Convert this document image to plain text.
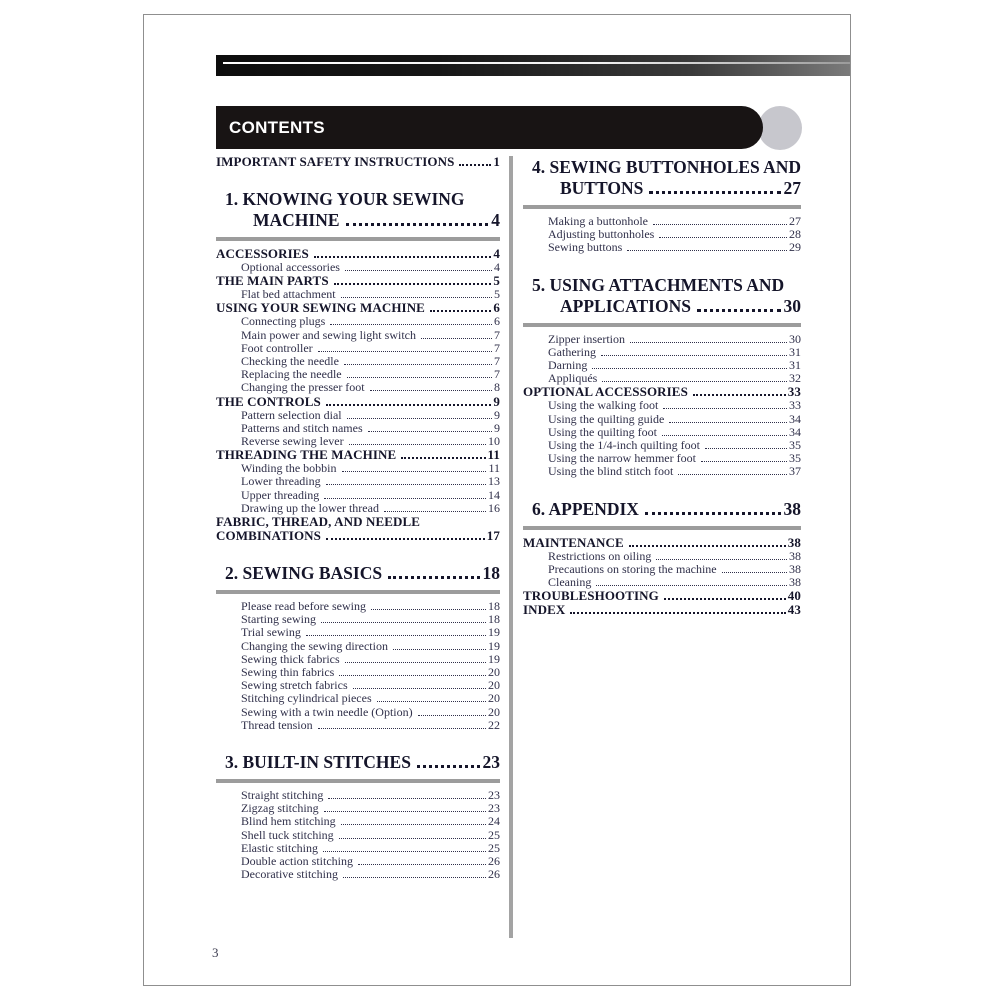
CONTENTS
IMPORTANT SAFETY INSTRUCTIONS	1
1. KNOWING YOUR SEWING
MACHINE	4
ACCESSORIES	4
Optional accessories	4
THE MAIN PARTS	5
Flat bed attachment	5
USING YOUR SEWING MACHINE	6
Connecting plugs	6
Main power and sewing light switch	7
Foot controller	7
Checking the needle	7
Replacing the needle	7
Changing the presser foot	8
THE CONTROLS	9
Pattern selection dial	9
Patterns and stitch names	9
Reverse sewing lever	10
THREADING THE MACHINE	11
Winding the bobbin	11
Lower threading	13
Upper threading	14
Drawing up the lower thread	16
FABRIC, THREAD, AND NEEDLE
COMBINATIONS	17
2. SEWING BASICS	18
Please read before sewing	18
Starting sewing	18
Trial sewing	19
Changing the sewing direction	19
Sewing thick fabrics	19
Sewing thin fabrics	20
Sewing stretch fabrics	20
Stitching cylindrical pieces	20
Sewing with a twin needle (Option)	20
Thread tension	22
3. BUILT-IN STITCHES	23
Straight stitching	23
Zigzag stitching	23
Blind hem stitching	24
Shell tuck stitching	25
Elastic stitching	25
Double action stitching	26
Decorative stitching	26
4. SEWING BUTTONHOLES AND
BUTTONS	27
Making a buttonhole	27
Adjusting buttonholes	28
Sewing buttons	29
5. USING ATTACHMENTS AND
APPLICATIONS	30
Zipper insertion	30
Gathering	31
Darning	31
Appliqués	32
OPTIONAL ACCESSORIES	33
Using the walking foot	33
Using the quilting guide	34
Using the quilting foot	34
Using the 1/4-inch quilting foot	35
Using the narrow hemmer foot	35
Using the blind stitch foot	37
6. APPENDIX	38
MAINTENANCE	38
Restrictions on oiling	38
Precautions on storing the machine	38
Cleaning	38
TROUBLESHOOTING	40
INDEX	43
3
